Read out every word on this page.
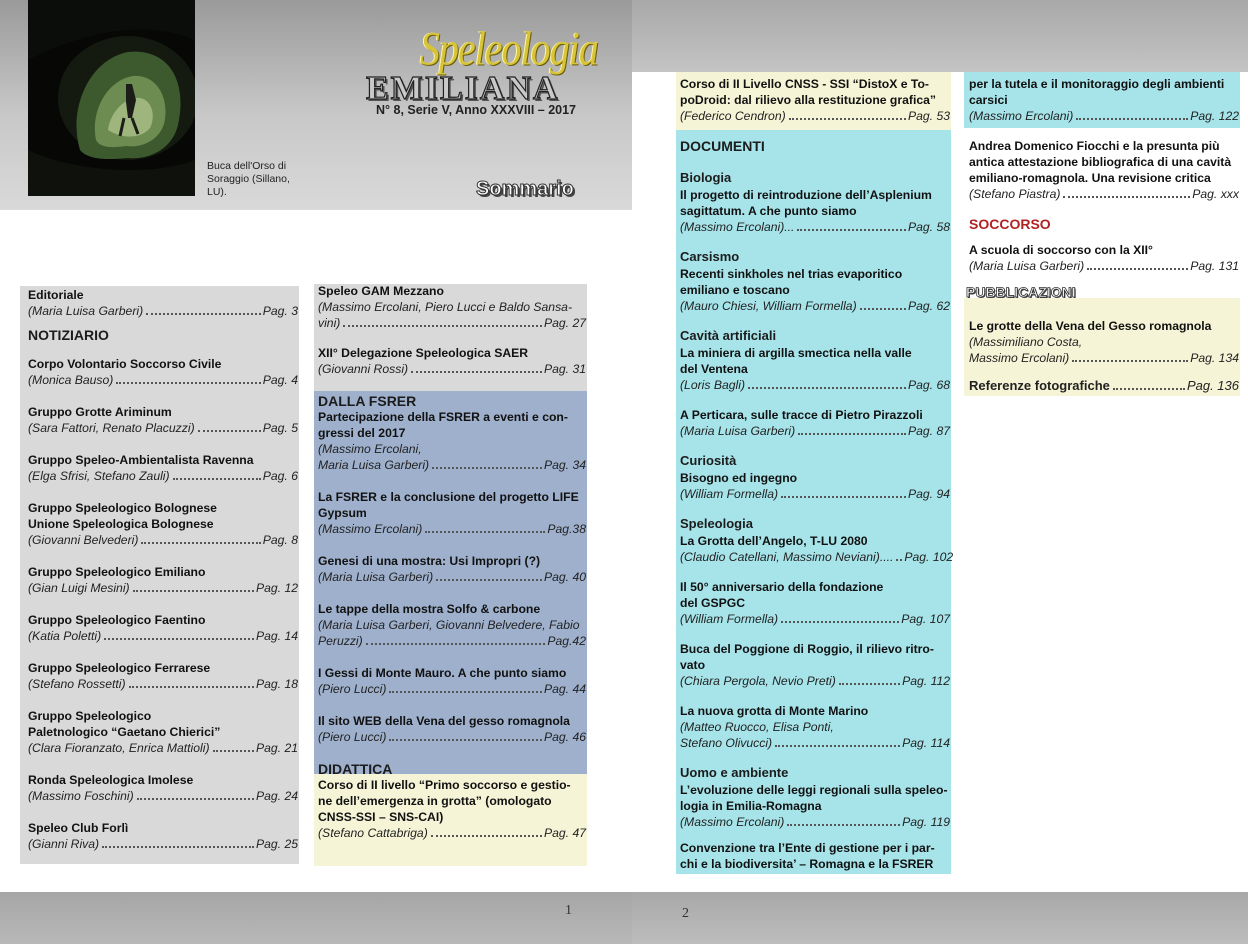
Buca dell'Orso di Soraggio (Sillano, LU).
Speleologia
EMILIANA
N° 8, Serie V, Anno XXXVIII – 2017
Sommario
Editoriale
(Maria Luisa Garberi)	Pag. 3
NOTIZIARIO
Corpo Volontario Soccorso Civile
(Monica Bauso)	Pag. 4
Gruppo Grotte Ariminum
(Sara Fattori, Renato Placuzzi)	Pag. 5
Gruppo Speleo-Ambientalista Ravenna
(Elga Sfrisi, Stefano Zauli)	Pag. 6
Gruppo Speleologico Bolognese
Unione Speleologica Bolognese
(Giovanni Belvederi)	Pag. 8
Gruppo Speleologico Emiliano
(Gian Luigi Mesini)	Pag. 12
Gruppo Speleologico Faentino
(Katia Poletti)	Pag. 14
Gruppo Speleologico Ferrarese
(Stefano Rossetti)	Pag. 18
Gruppo Speleologico
Paletnologico “Gaetano Chierici”
(Clara Fioranzato, Enrica Mattioli)	Pag. 21
Ronda Speleologica Imolese
(Massimo Foschini)	Pag. 24
Speleo Club Forlì
(Gianni Riva)	Pag. 25
Speleo GAM Mezzano
(Massimo Ercolani, Piero Lucci e Baldo Sansa-
vini)	Pag. 27
XII° Delegazione Speleologica SAER
(Giovanni Rossi)	Pag. 31
DALLA FSRER
Partecipazione della FSRER a eventi e con-
gressi del 2017
(Massimo Ercolani,
Maria Luisa Garberi)	Pag. 34
La FSRER e la conclusione del progetto LIFE
Gypsum
(Massimo Ercolani)	Pag.38
Genesi di una mostra: Usi Impropri (?)
(Maria Luisa Garberi)	Pag. 40
Le tappe della mostra Solfo & carbone
(Maria Luisa Garberi, Giovanni Belvedere, Fabio
Peruzzi)	Pag.42
I Gessi di Monte Mauro. A che punto siamo
(Piero Lucci)	Pag. 44
Il sito WEB della Vena del gesso romagnola
(Piero Lucci)	Pag. 46
DIDATTICA
Corso di II livello “Primo soccorso e gestio-
ne dell’emergenza in grotta” (omologato
CNSS-SSI – SNS-CAI)
(Stefano Cattabriga)	Pag. 47
1
Corso di II Livello CNSS - SSI “DistoX e To-
poDroid: dal rilievo alla restituzione grafica”
(Federico Cendron)	Pag. 53
DOCUMENTI
Biologia
Il progetto di reintroduzione dell’Asplenium
sagittatum. A che punto siamo
(Massimo Ercolani)...	Pag. 58
Carsismo
Recenti sinkholes nel trias evaporitico
emiliano e toscano
(Mauro Chiesi, William Formella)	Pag. 62
Cavità artificiali
La miniera di argilla smectica nella valle
del Ventena
(Loris Bagli)	Pag. 68
A Perticara, sulle tracce di Pietro Pirazzoli
(Maria Luisa Garberi)	Pag. 87
Curiosità
Bisogno ed ingegno
(William Formella)	Pag. 94
Speleologia
La Grotta dell’Angelo, T-LU 2080
(Claudio Catellani, Massimo Neviani).... Pag. 102
Il 50° anniversario della fondazione
del GSPGC
(William Formella)	Pag. 107
Buca del Poggione di Roggio, il rilievo ritro-
vato
(Chiara Pergola, Nevio Preti)	Pag. 112
La nuova grotta di Monte Marino
(Matteo Ruocco, Elisa Ponti,
Stefano Olivucci)	Pag. 114
Uomo e ambiente
L’evoluzione delle leggi regionali sulla speleo-
logia in Emilia-Romagna
(Massimo Ercolani)	Pag. 119
Convenzione tra l’Ente di gestione per i par-
chi e la biodiversita’ – Romagna e la FSRER
per la tutela e il monitoraggio degli ambienti
carsici
(Massimo Ercolani)	Pag. 122
Andrea Domenico Fiocchi e la presunta più
antica attestazione bibliografica di una cavità
emiliano-romagnola. Una revisione critica
(Stefano Piastra)	Pag. xxx
SOCCORSO
A scuola di soccorso con la XII°
(Maria Luisa Garberi)	Pag. 131
PUBBLICAZIONI
Le grotte della Vena del Gesso romagnola
(Massimiliano Costa,
Massimo Ercolani)	Pag. 134
Referenze fotografiche	Pag. 136
2
